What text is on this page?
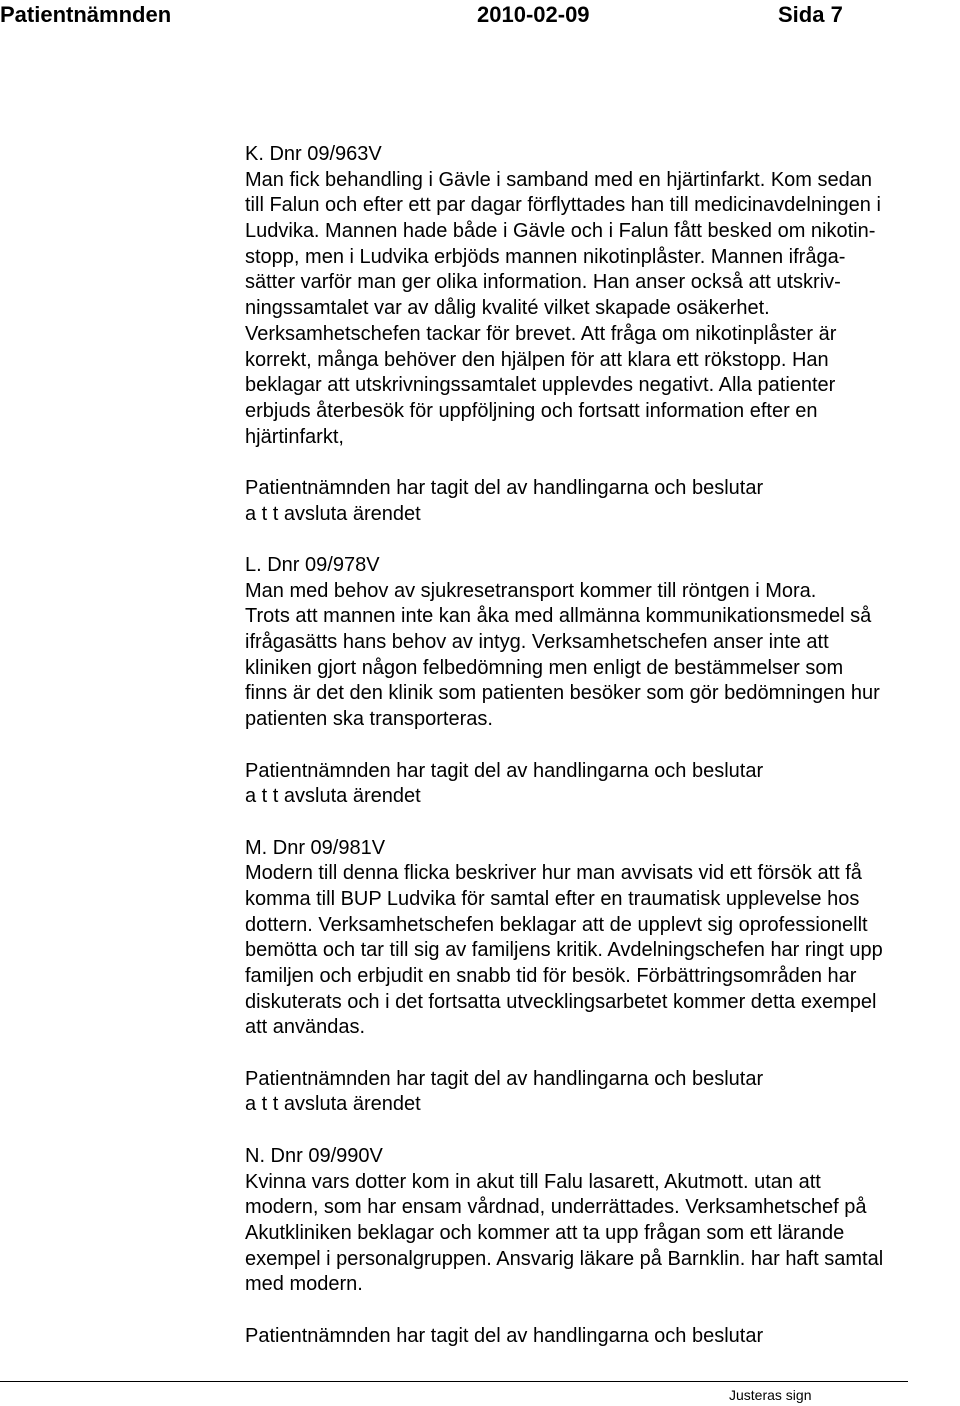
Patientnämnden	2010-02-09	Sida 7
K. Dnr 09/963V
Man fick behandling i Gävle i samband med en hjärtinfarkt. Kom sedan
till Falun och efter ett par dagar förflyttades han till medicinavdelningen i
Ludvika. Mannen hade både i Gävle och i Falun fått besked om nikotin-
stopp, men i Ludvika erbjöds mannen nikotinplåster. Mannen ifråga-
sätter varför man ger olika information. Han anser också att utskriv-
ningssamtalet var av dålig kvalité vilket skapade osäkerhet.
Verksamhetschefen tackar för brevet. Att fråga om nikotinplåster är
korrekt, många behöver den hjälpen för att klara ett rökstopp. Han
beklagar att utskrivningssamtalet upplevdes negativt. Alla patienter
erbjuds återbesök för uppföljning och fortsatt information efter en
hjärtinfarkt,
Patientnämnden har tagit del av handlingarna och beslutar
a t t avsluta ärendet
L. Dnr 09/978V
Man med behov av sjukresetransport kommer till röntgen i Mora.
Trots att mannen inte kan åka med allmänna kommunikationsmedel så
ifrågasätts hans behov av intyg. Verksamhetschefen anser inte att
kliniken gjort någon felbedömning men enligt de bestämmelser som
finns är det den klinik som patienten besöker som gör bedömningen hur
patienten ska transporteras.
Patientnämnden har tagit del av handlingarna och beslutar
a t t avsluta ärendet
M. Dnr 09/981V
Modern till denna flicka beskriver hur man avvisats vid ett försök att få
komma till BUP Ludvika för samtal efter en traumatisk upplevelse hos
dottern. Verksamhetschefen beklagar att de upplevt sig oprofessionellt
bemötta och tar till sig av familjens kritik. Avdelningschefen har ringt upp
familjen och erbjudit en snabb tid för besök. Förbättringsområden har
diskuterats och i det fortsatta utvecklingsarbetet kommer detta exempel
att användas.
Patientnämnden har tagit del av handlingarna och beslutar
a t t avsluta ärendet
N. Dnr 09/990V
Kvinna vars dotter kom in akut till Falu lasarett, Akutmott. utan att
modern, som har ensam vårdnad, underrättades. Verksamhetschef på
Akutkliniken beklagar och kommer att ta upp frågan som ett lärande
exempel i personalgruppen. Ansvarig läkare på Barnklin. har haft samtal
med modern.
Patientnämnden har tagit del av handlingarna och beslutar
Justeras sign
